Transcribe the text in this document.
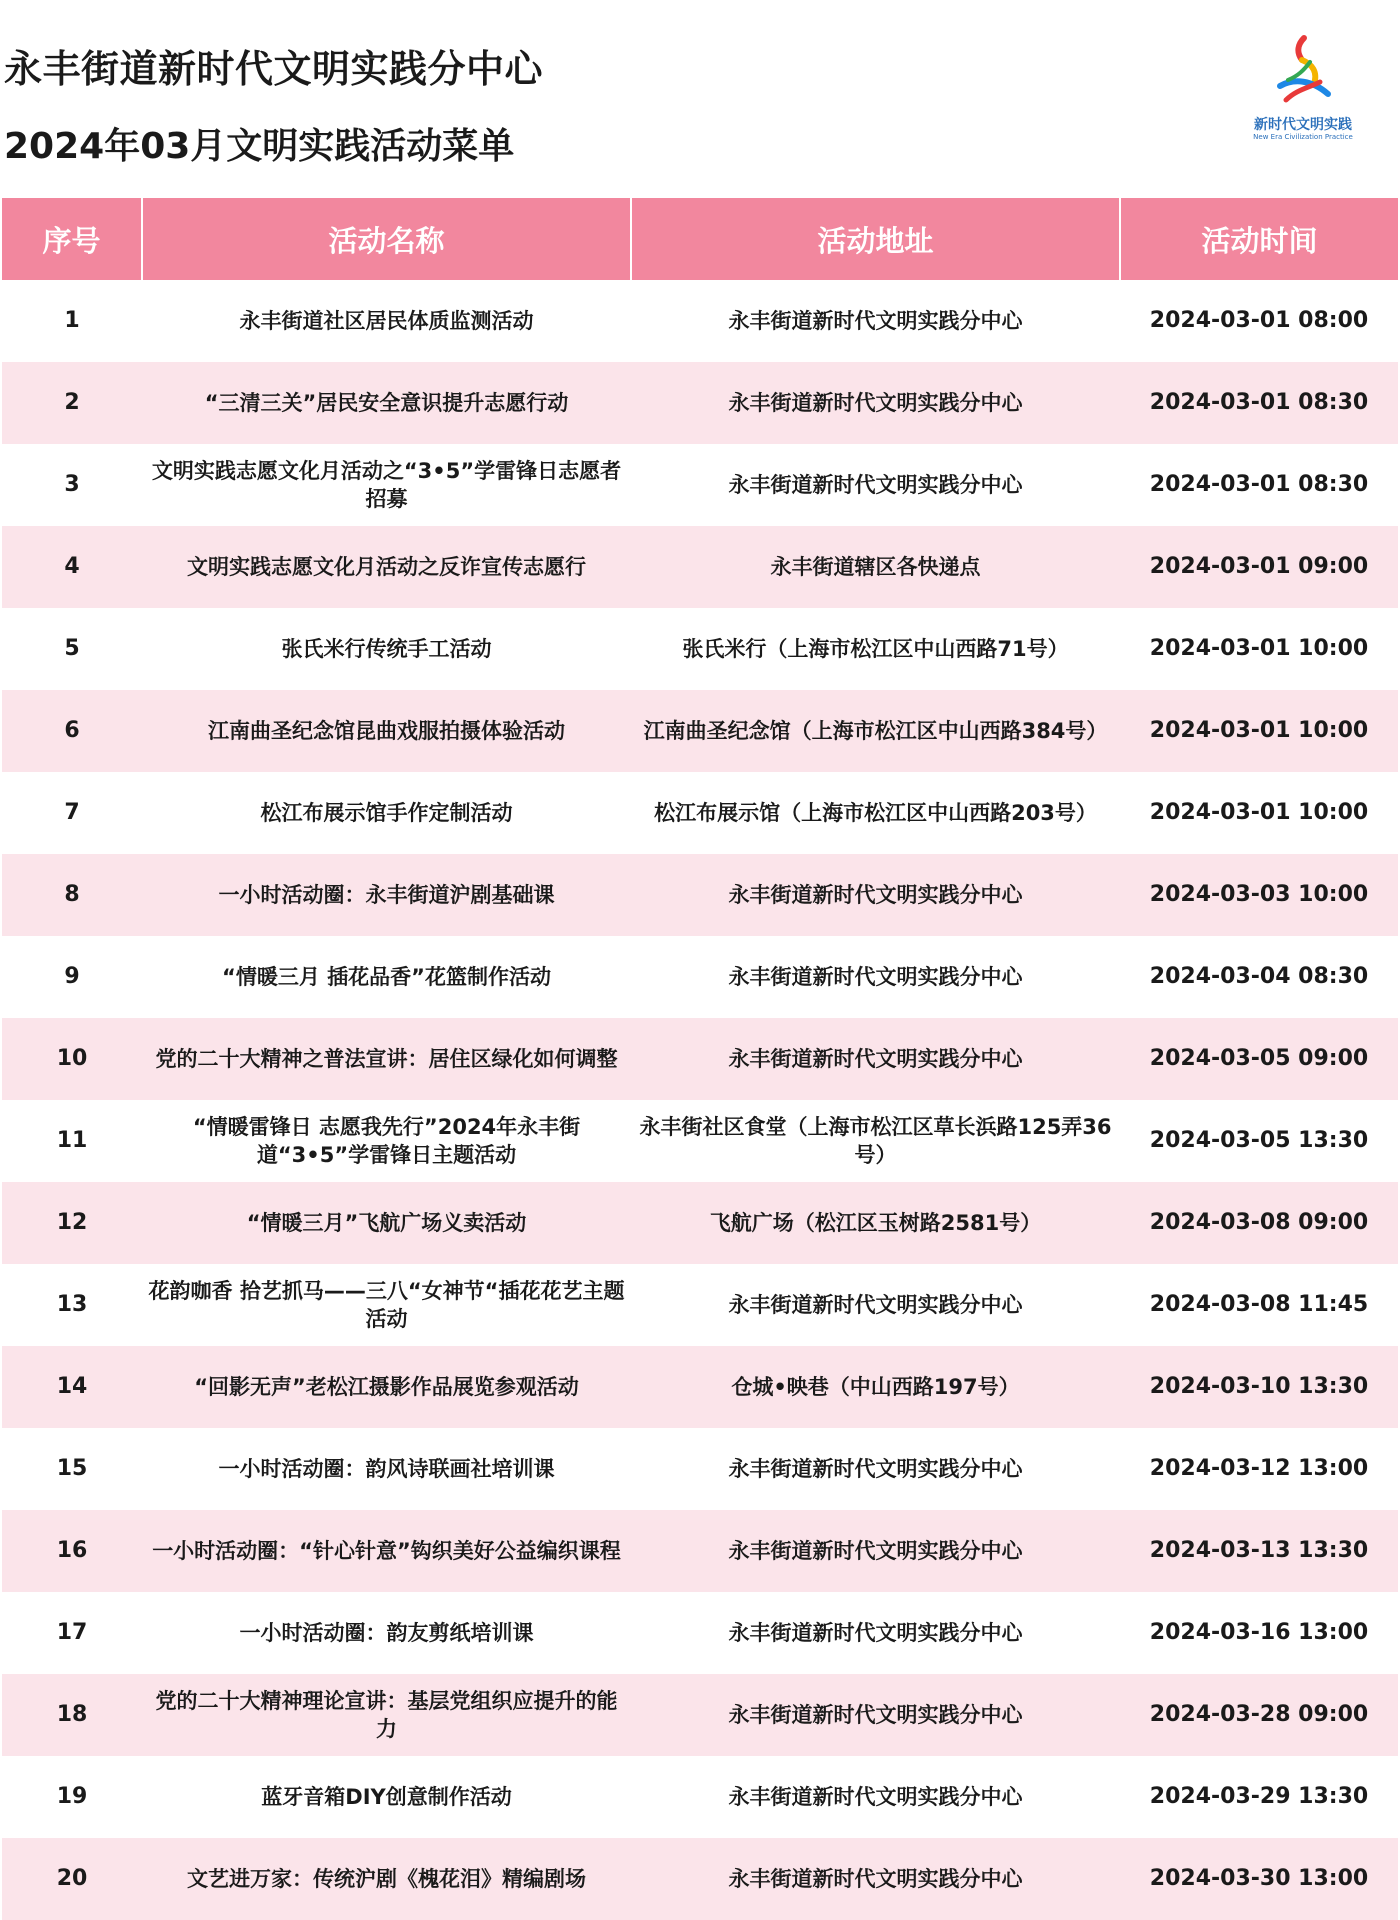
永丰街道新时代文明实践分中心
2024年03月文明实践活动菜单
新时代文明实践
New Era Civilization Practice
序号	活动名称	活动地址	活动时间
1	永丰街道社区居民体质监测活动	永丰街道新时代文明实践分中心	2024-03-01 08:00
2	“三清三关”居民安全意识提升志愿行动	永丰街道新时代文明实践分中心	2024-03-01 08:30
3	文明实践志愿文化月活动之“3•5”学雷锋日志愿者招募	永丰街道新时代文明实践分中心	2024-03-01 08:30
4	文明实践志愿文化月活动之反诈宣传志愿行	永丰街道辖区各快递点	2024-03-01 09:00
5	张氏米行传统手工活动	张氏米行（上海市松江区中山西路71号）	2024-03-01 10:00
6	江南曲圣纪念馆昆曲戏服拍摄体验活动	江南曲圣纪念馆（上海市松江区中山西路384号）	2024-03-01 10:00
7	松江布展示馆手作定制活动	松江布展示馆（上海市松江区中山西路203号）	2024-03-01 10:00
8	一小时活动圈：永丰街道沪剧基础课	永丰街道新时代文明实践分中心	2024-03-03 10:00
9	“情暖三月 插花品香”花篮制作活动	永丰街道新时代文明实践分中心	2024-03-04 08:30
10	党的二十大精神之普法宣讲：居住区绿化如何调整	永丰街道新时代文明实践分中心	2024-03-05 09:00
11	“情暖雷锋日 志愿我先行”2024年永丰街道“3•5”学雷锋日主题活动	永丰街社区食堂（上海市松江区草长浜路125弄36号）	2024-03-05 13:30
12	“情暖三月”飞航广场义卖活动	飞航广场（松江区玉树路2581号）	2024-03-08 09:00
13	花韵咖香 拾艺抓马——三八“女神节“插花花艺主题活动	永丰街道新时代文明实践分中心	2024-03-08 11:45
14	“回影无声”老松江摄影作品展览参观活动	仓城•映巷（中山西路197号）	2024-03-10 13:30
15	一小时活动圈：韵风诗联画社培训课	永丰街道新时代文明实践分中心	2024-03-12 13:00
16	一小时活动圈：“针心针意”钩织美好公益编织课程	永丰街道新时代文明实践分中心	2024-03-13 13:30
17	一小时活动圈：韵友剪纸培训课	永丰街道新时代文明实践分中心	2024-03-16 13:00
18	党的二十大精神理论宣讲：基层党组织应提升的能力	永丰街道新时代文明实践分中心	2024-03-28 09:00
19	蓝牙音箱DIY创意制作活动	永丰街道新时代文明实践分中心	2024-03-29 13:30
20	文艺进万家：传统沪剧《槐花泪》精编剧场	永丰街道新时代文明实践分中心	2024-03-30 13:00
